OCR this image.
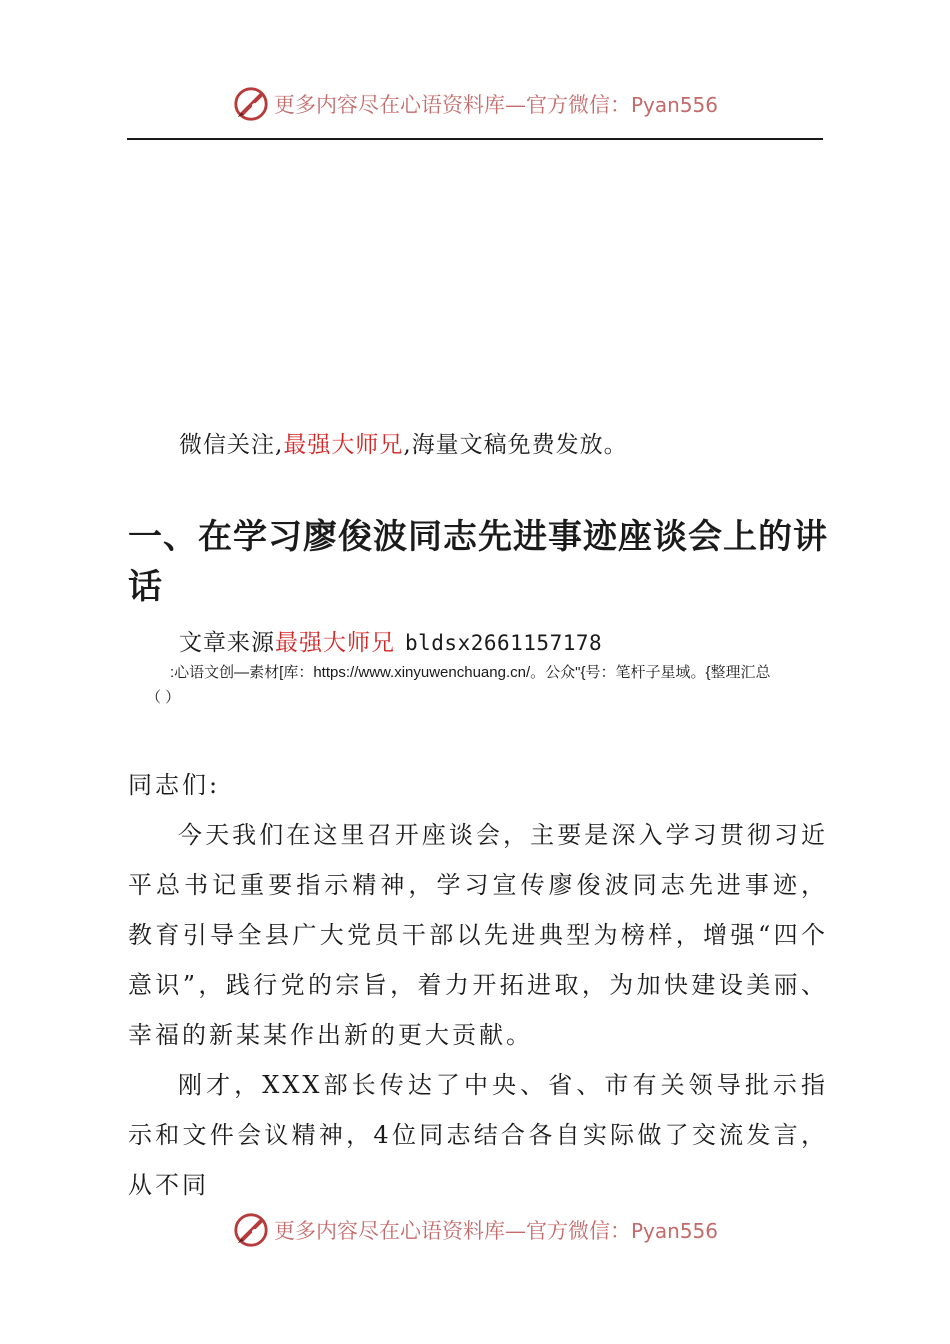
更多内容尽在心语资料库—官方微信：Pyan556
微信关注,最强大师兄,海量文稿免费发放。
一、在学习廖俊波同志先进事迹座谈会上的讲话
文章来源最强大师兄 bldsx2661157178
:心语文创—素材[库：https://www.xinyuwenchuang.cn/。公众"{号：笔杆子星域。{整理汇总
（ ）

同志们:

今天我们在这里召开座谈会，主要是深入学习贯彻习近平总书记重要指示精神，学习宣传廖俊波同志先进事迹，教育引导全县广大党员干部以先进典型为榜样，增强“四个意识”，践行党的宗旨，着力开拓进取，为加快建设美丽、幸福的新某某作出新的更大贡献。

刚才，XXX部长传达了中央、省、市有关领导批示指示和文件会议精神，4位同志结合各自实际做了交流发言，从不同

更多内容尽在心语资料库—官方微信：Pyan556
